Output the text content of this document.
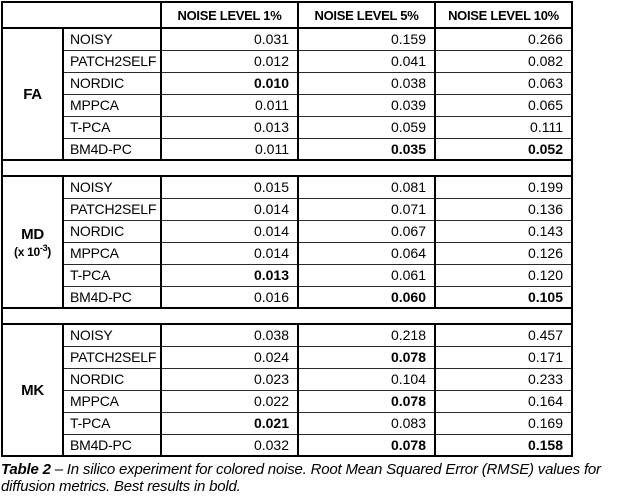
		NOISE LEVEL 1%	NOISE LEVEL 5%	NOISE LEVEL 10%

FA	NOISY	0.031	0.159	0.266
	PATCH2SELF	0.012	0.041	0.082
	NORDIC	0.010	0.038	0.063
	MPPCA	0.011	0.039	0.065
	T-PCA	0.013	0.059	0.111
	BM4D-PC	0.011	0.035	0.052

MD
(x $10^{-3}$)	NOISY	0.015	0.081	0.199
	PATCH2SELF	0.014	0.071	0.136
	NORDIC	0.014	0.067	0.143
	MPPCA	0.014	0.064	0.126
	T-PCA	0.013	0.061	0.120
	BM4D-PC	0.016	0.060	0.105

MK	NOISY	0.038	0.218	0.457
	PATCH2SELF	0.024	0.078	0.171
	NORDIC	0.023	0.104	0.233
	MPPCA	0.022	0.078	0.164
	T-PCA	0.021	0.083	0.169
	BM4D-PC	0.032	0.078	0.158
Table 2 – In silico experiment for colored noise. Root Mean Squared Error (RMSE) values for
diffusion metrics. Best results in bold.
